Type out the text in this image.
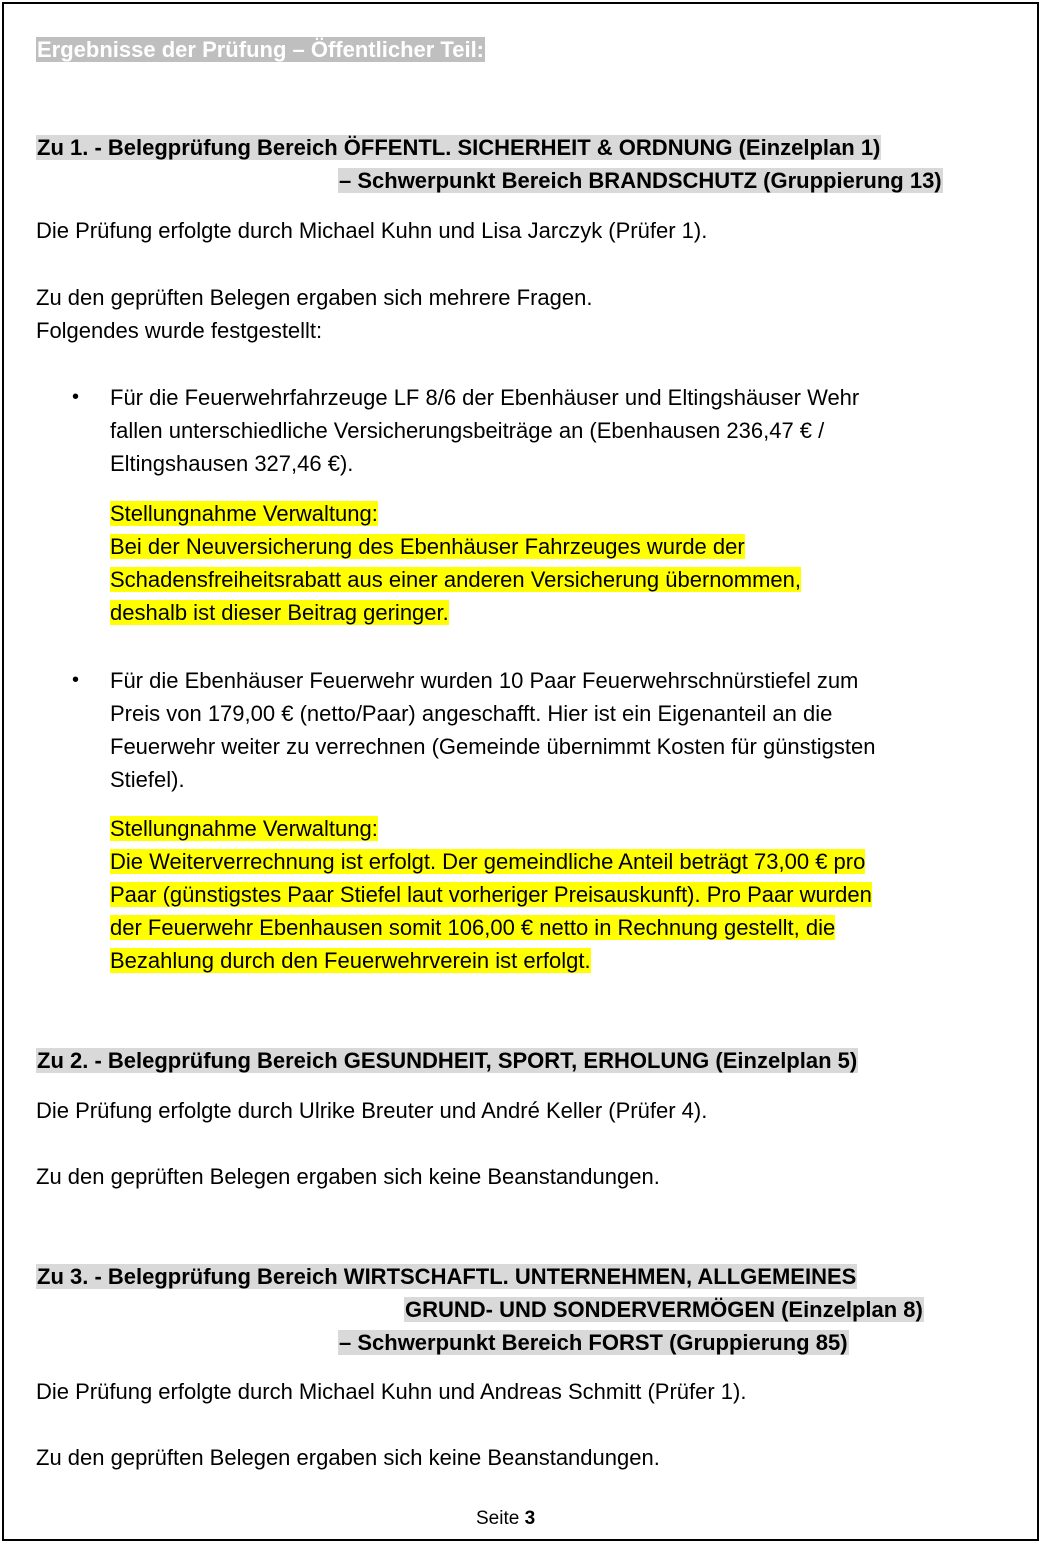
Ergebnisse der Prüfung – Öffentlicher Teil:
Zu 1. - Belegprüfung Bereich ÖFFENTL. SICHERHEIT & ORDNUNG (Einzelplan 1)
– Schwerpunkt Bereich BRANDSCHUTZ (Gruppierung 13)
Die Prüfung erfolgte durch Michael Kuhn und Lisa Jarczyk (Prüfer 1).
Zu den geprüften Belegen ergaben sich mehrere Fragen.
Folgendes wurde festgestellt:
• Für die Feuerwehrfahrzeuge LF 8/6 der Ebenhäuser und Eltingshäuser Wehr
fallen unterschiedliche Versicherungsbeiträge an (Ebenhausen 236,47 € /
Eltingshausen 327,46 €).
Stellungnahme Verwaltung:
Bei der Neuversicherung des Ebenhäuser Fahrzeuges wurde der
Schadensfreiheitsrabatt aus einer anderen Versicherung übernommen,
deshalb ist dieser Beitrag geringer.
• Für die Ebenhäuser Feuerwehr wurden 10 Paar Feuerwehrschnürstiefel zum
Preis von 179,00 € (netto/Paar) angeschafft. Hier ist ein Eigenanteil an die
Feuerwehr weiter zu verrechnen (Gemeinde übernimmt Kosten für günstigsten
Stiefel).
Stellungnahme Verwaltung:
Die Weiterverrechnung ist erfolgt. Der gemeindliche Anteil beträgt 73,00 € pro
Paar (günstigstes Paar Stiefel laut vorheriger Preisauskunft). Pro Paar wurden
der Feuerwehr Ebenhausen somit 106,00 € netto in Rechnung gestellt, die
Bezahlung durch den Feuerwehrverein ist erfolgt.
Zu 2. - Belegprüfung Bereich GESUNDHEIT, SPORT, ERHOLUNG (Einzelplan 5)
Die Prüfung erfolgte durch Ulrike Breuter und André Keller (Prüfer 4).
Zu den geprüften Belegen ergaben sich keine Beanstandungen.
Zu 3. - Belegprüfung Bereich WIRTSCHAFTL. UNTERNEHMEN, ALLGEMEINES
GRUND- UND SONDERVERMÖGEN (Einzelplan 8)
– Schwerpunkt Bereich FORST (Gruppierung 85)
Die Prüfung erfolgte durch Michael Kuhn und Andreas Schmitt (Prüfer 1).
Zu den geprüften Belegen ergaben sich keine Beanstandungen.
Seite 3
